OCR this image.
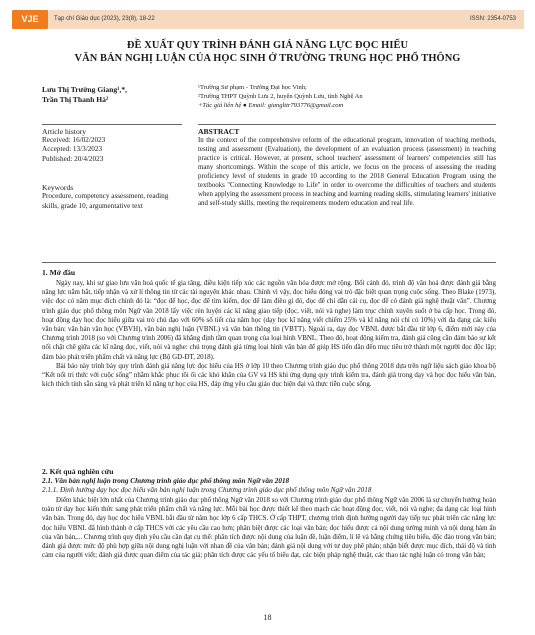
VJE	Tạp chí Giáo dục (2023), 23(8), 18-22	ISSN: 2354-0753
ĐỀ XUẤT QUY TRÌNH ĐÁNH GIÁ NĂNG LỰC ĐỌC HIỂU
VĂN BẢN NGHỊ LUẬN CỦA HỌC SINH Ở TRƯỜNG TRUNG HỌC PHỔ THÔNG
Lưu Thị Trường Giang¹,*,
Trần Thị Thanh Hà²
¹Trường Sư phạm - Trường Đại học Vinh;
²Trường THPT Quỳnh Lưu 2, huyện Quỳnh Lưu, tỉnh Nghệ An
+Tác giả liên hệ ● Email: gianglttr793776@gmail.com
Article history
Received: 16/02/2023
Accepted: 13/3/2023
Published: 20/4/2023
Keywords
Procedure, competency assessment, reading skills, grade 10, argumentative text
ABSTRACT
In the context of the comprehensive reform of the educational program, innovation of teaching methods, testing and assessment (Evaluation), the development of an evaluation process (assessment) in teaching practice is critical. However, at present, school teachers' assessment of learners' competencies still has many shortcomings. Within the scope of this article, we focus on the process of assessing the reading proficiency level of students in grade 10 according to the 2018 General Education Program using the textbooks "Connecting Knowledge to Life" in order to overcome the difficulties of teachers and students when applying the assessment process in teaching and learning reading skills, stimulating learners' initiative and self-study skills, meeting the requirements modern education and real life.
1. Mở đầu

Ngày nay, khi sự giao lưu văn hoá quốc tế gia tăng, điều kiện tiếp xúc các nguồn văn hóa được mở rộng. Bối cảnh đó, trình độ văn hoá được đánh giá bằng năng lực nắm bắt, tiếp nhận và xử lí thông tin từ các tài nguyên khác nhau. Chính vì vậy, đọc hiểu đóng vai trò đặc biệt quan trọng cuộc sống. Theo Blake (1973), việc đọc có năm mục đích chính đó là: “đọc để học, đọc để tìm kiếm, đọc để làm điều gì đó, đọc để chỉ dẫn cái cụ, đọc để có đánh giá nghệ thuật văn”. Chương trình giáo dục phổ thông môn Ngữ văn 2018 lấy việc rèn luyện các kĩ năng giao tiếp (đọc, viết, nói và nghe) làm trục chính xuyên suốt ở ba cấp học. Trong đó, hoạt động dạy học đọc hiểu giữa vai trò chủ đạo với 60% số tiết của năm học (dạy học kĩ năng viết chiếm 25% và kĩ năng nói chỉ có 10%) với đa dạng các kiểu văn bản: văn bản văn học (VBVH), văn bản nghị luận (VBNL) và văn bản thông tin (VBTT). Ngoài ra, dạy đọc VBNL được bắt đầu từ lớp 6, điểm mới này của Chương trình 2018 (so với Chương trình 2006) đã khẳng định tầm quan trọng của loại hình VBNL. Theo đó, hoạt động kiểm tra, đánh giá cũng cần đảm bảo sự kết nối chặt chẽ giữa các kĩ năng đọc, viết, nói và nghe: chú trọng đánh giá từng loại hình văn bản để giúp HS tiến dần đến mục tiêu trở thành một người đọc độc lập; đảm bảo phát triển phẩm chất và năng lực (Bộ GD-ĐT, 2018).

Bài báo này trình bày quy trình đánh giá năng lực đọc hiểu của HS ở lớp 10 theo Chương trình giáo dục phổ thông 2018 dựa trên ngữ liệu sách giáo khoa bộ “Kết nối tri thức với cuộc sống” nhằm khắc phục tồi ổi các khó khăn của GV và HS khi ứng dụng quy trình kiểm tra, đánh giá trong dạy và học đọc hiểu văn bản, kích thích tính sẵn sàng và phát triển kĩ năng tự học của HS, đáp ứng yêu cầu giáo dục hiện đại và thực tiễn cuộc sống.

2. Kết quả nghiên cứu
2.1. Văn bản nghị luận trong Chương trình giáo dục phổ thông môn Ngữ văn 2018
2.1.1. Định hướng dạy học đọc hiểu văn bản nghị luận trong Chương trình giáo dục phổ thông môn Ngữ văn 2018

Điểm khác biệt lớn nhất của Chương trình giáo dục phổ thông Ngữ văn 2018 so với Chương trình giáo dục phổ thông Ngữ văn 2006 là sự chuyển hướng hoàn toàn từ dạy học kiến thức sang phát triển phẩm chất và năng lực. Mỗi bài học được thiết kế theo mạch các hoạt động đọc, viết, nói và nghe; đa dạng các loại hình văn bản. Trong đó, dạy học đọc hiểu VBNL bắt đầu từ năm học lớp 6 cấp THCS. Ở cấp THPT, chương trình định hướng người dạy tiếp tục phát triển các năng lực đọc hiểu VBNL đã hình thành ở cấp THCS với các yêu cầu cao hơn; phân biệt được các loại văn bản; đọc hiểu được cả nội dung tường minh và nội dung hàm ẩn của văn bản,... Chương trình quy định yêu cầu cần đạt cụ thể: phân tích được nội dung của luận đề, luận điểm, lí lẽ và bằng chứng tiêu biểu, độc đáo trong văn bản; đánh giá được mức độ phù hợp giữa nội dung nghị luận với nhan đề của văn bản; đánh giá nội dung với tư duy phê phán; nhận biết được mục đích, thái độ và tình cảm của người viết; đánh giá được quan điểm của tác giả; phân tích được các yếu tố biểu đạt, các biện pháp nghệ thuật, các thao tác nghị luận có trong văn bản;

18
